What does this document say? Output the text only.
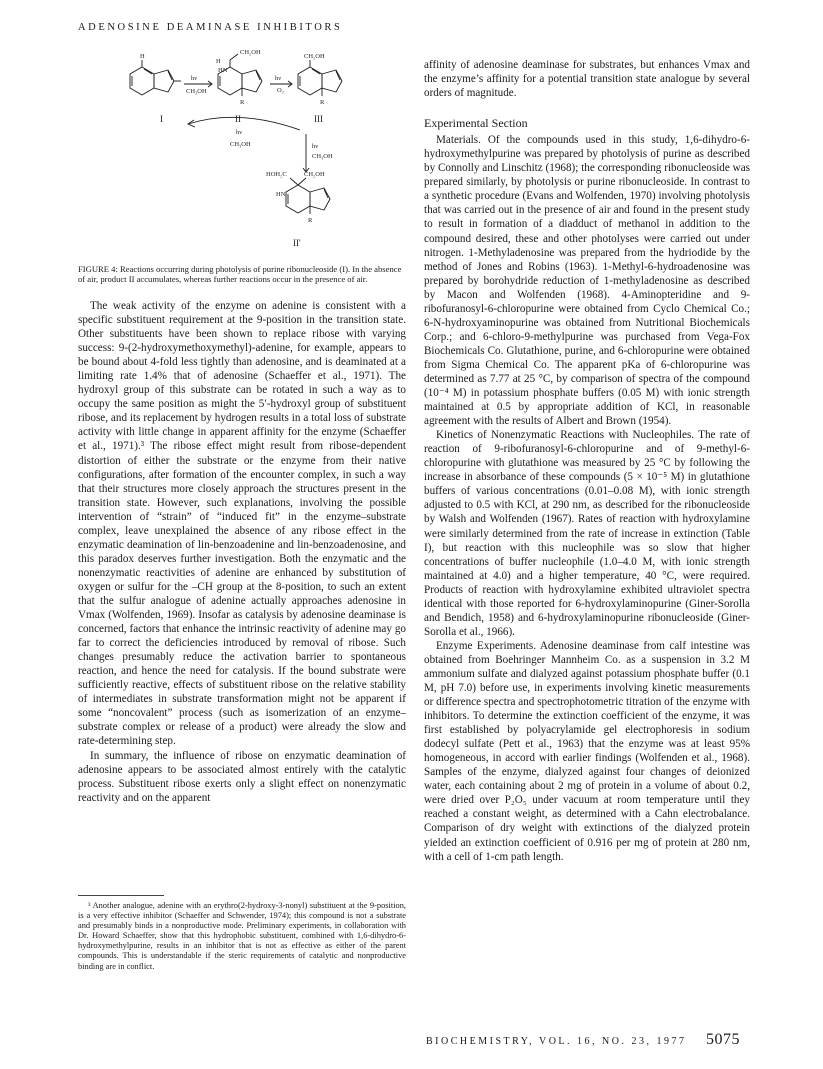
ADENOSINE DEAMINASE INHIBITORS
H
H
CH₂OH
HN
CH₂OH
hν
CH₃OH
hν
O₂
R	R
hν
CH₃OH	hν
CH₃OH
HOH₂C	CH₂OH
HN
R
I	II	III
II'
FIGURE 4: Reactions occurring during photolysis of purine ribonucleoside (I). In the absence of air, product II accumulates, whereas further reactions occur in the presence of air.

The weak activity of the enzyme on adenine is consistent with a specific substituent requirement at the 9-position in the transition state. Other substituents have been shown to replace ribose with varying success: 9-(2-hydroxymethoxymethyl)-adenine, for example, appears to be bound about 4-fold less tightly than adenosine, and is deaminated at a limiting rate 1.4% that of adenosine (Schaeffer et al., 1971). The hydroxyl group of this substrate can be rotated in such a way as to occupy the same position as might the 5′-hydroxyl group of substituent ribose, and its replacement by hydrogen results in a total loss of substrate activity with little change in apparent affinity for the enzyme (Schaeffer et al., 1971).³ The ribose effect might result from ribose-dependent distortion of either the substrate or the enzyme from their native configurations, after formation of the encounter complex, in such a way that their structures more closely approach the structures present in the transition state. However, such explanations, involving the possible intervention of “strain” of “induced fit” in the enzyme–substrate complex, leave unexplained the absence of any ribose effect in the enzymatic deamination of lin-benzoadenine and lin-benzoadenosine, and this paradox deserves further investigation. Both the enzymatic and the nonenzymatic reactivities of adenine are enhanced by substitution of oxygen or sulfur for the –CH group at the 8-position, to such an extent that the sulfur analogue of adenine actually approaches adenosine in Vmax (Wolfenden, 1969). Insofar as catalysis by adenosine deaminase is concerned, factors that enhance the intrinsic reactivity of adenine may go far to correct the deficiencies introduced by removal of ribose. Such changes presumably reduce the activation barrier to spontaneous reaction, and hence the need for catalysis. If the bound substrate were sufficiently reactive, effects of substituent ribose on the relative stability of intermediates in substrate transformation might not be apparent if some “noncovalent” process (such as isomerization of an enzyme–substrate complex or release of a product) were already the slow and rate-determining step.

In summary, the influence of ribose on enzymatic deamination of adenosine appears to be associated almost entirely with the catalytic process. Substituent ribose exerts only a slight effect on nonenzymatic reactivity and on the apparent

³ Another analogue, adenine with an erythro(2-hydroxy-3-nonyl) substituent at the 9-position, is a very effective inhibitor (Schaeffer and Schwender, 1974); this compound is not a substrate and presumably binds in a nonproductive mode. Preliminary experiments, in collaboration with Dr. Howard Schaeffer, show that this hydrophobic substituent, combined with 1,6-dihydro-6-hydroxymethylpurine, results in an inhibitor that is not as effective as either of the parent compounds. This is understandable if the steric requirements of catalytic and nonproductive binding are in conflict.

affinity of adenosine deaminase for substrates, but enhances Vmax and the enzyme’s affinity for a potential transition state analogue by several orders of magnitude.

Experimental Section

Materials. Of the compounds used in this study, 1,6-dihydro-6-hydroxymethylpurine was prepared by photolysis of purine as described by Connolly and Linschitz (1968); the corresponding ribonucleoside was prepared similarly, by photolysis or purine ribonucleoside. In contrast to a synthetic procedure (Evans and Wolfenden, 1970) involving photolysis that was carried out in the presence of air and found in the present study to result in formation of a diadduct of methanol in addition to the compound desired, these and other photolyses were carried out under nitrogen. 1-Methyladenosine was prepared from the hydriodide by the method of Jones and Robins (1963). 1-Methyl-6-hydroadenosine was prepared by borohydride reduction of 1-methyladenosine as described by Macon and Wolfenden (1968). 4-Aminopteridine and 9-ribofuranosyl-6-chloropurine were obtained from Cyclo Chemical Co.; 6-N-hydroxyaminopurine was obtained from Nutritional Biochemicals Corp.; and 6-chloro-9-methylpurine was purchased from Vega-Fox Biochemicals Co. Glutathione, purine, and 6-chloropurine were obtained from Sigma Chemical Co. The apparent pKa of 6-chloropurine was determined as 7.77 at 25 °C, by comparison of spectra of the compound (10⁻⁴ M) in potassium phosphate buffers (0.05 M) with ionic strength maintained at 0.5 by appropriate addition of KCl, in reasonable agreement with the results of Albert and Brown (1954).

Kinetics of Nonenzymatic Reactions with Nucleophiles. The rate of reaction of 9-ribofuranosyl-6-chloropurine and of 9-methyl-6-chloropurine with glutathione was measured by 25 °C by following the increase in absorbance of these compounds (5 × 10⁻⁵ M) in glutathione buffers of various concentrations (0.01–0.08 M), with ionic strength adjusted to 0.5 with KCl, at 290 nm, as described for the ribonucleoside by Walsh and Wolfenden (1967). Rates of reaction with hydroxylamine were similarly determined from the rate of increase in extinction (Table I), but reaction with this nucleophile was so slow that higher concentrations of buffer nucleophile (1.0–4.0 M, with ionic strength maintained at 4.0) and a higher temperature, 40 °C, were required. Products of reaction with hydroxylamine exhibited ultraviolet spectra identical with those reported for 6-hydroxylaminopurine (Giner-Sorolla and Bendich, 1958) and 6-hydroxylaminopurine ribonucleoside (Giner-Sorolla et al., 1966).

Enzyme Experiments. Adenosine deaminase from calf intestine was obtained from Boehringer Mannheim Co. as a suspension in 3.2 M ammonium sulfate and dialyzed against potassium phosphate buffer (0.1 M, pH 7.0) before use, in experiments involving kinetic measurements or difference spectra and spectrophotometric titration of the enzyme with inhibitors. To determine the extinction coefficient of the enzyme, it was first established by polyacrylamide gel electrophoresis in sodium dodecyl sulfate (Pett et al., 1963) that the enzyme was at least 95% homogeneous, in accord with earlier findings (Wolfenden et al., 1968). Samples of the enzyme, dialyzed against four changes of deionized water, each containing about 2 mg of protein in a volume of about 0.2, were dried over P₂O₅ under vacuum at room temperature until they reached a constant weight, as determined with a Cahn electrobalance. Comparison of dry weight with extinctions of the dialyzed protein yielded an extinction coefficient of 0.916 per mg of protein at 280 nm, with a cell of 1-cm path length.

BIOCHEMISTRY, VOL. 16, NO. 23, 1977 5075
